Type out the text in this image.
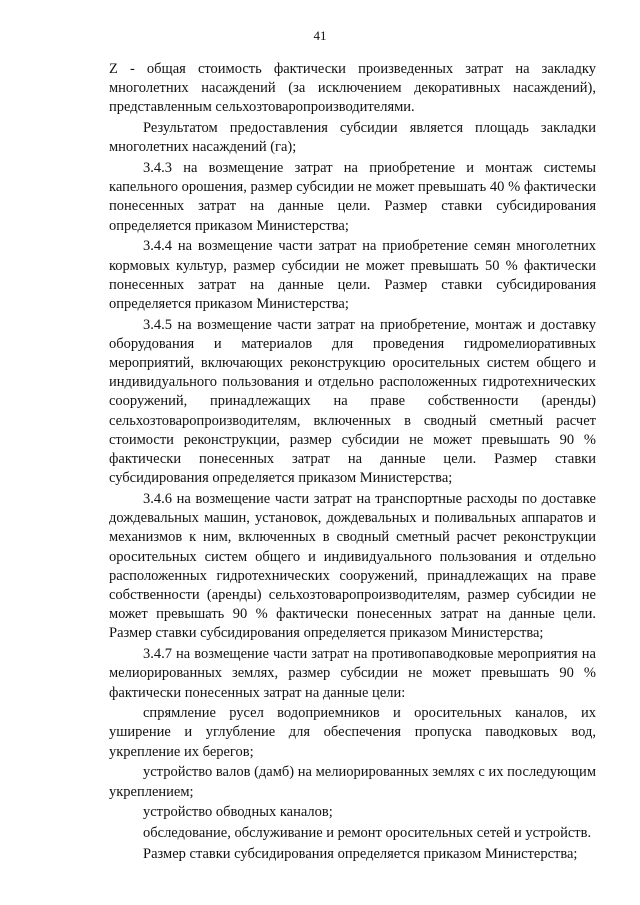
41

Z - общая стоимость фактически произведенных затрат на закладку многолетних насаждений (за исключением декоративных насаждений), представленным сельхозтоваропроизводителями.

Результатом предоставления субсидии является площадь закладки многолетних насаждений (га);

3.4.3 на возмещение затрат на приобретение и монтаж системы капельного орошения, размер субсидии не может превышать 40 % фактически понесенных затрат на данные цели. Размер ставки субсидирования определяется приказом Министерства;

3.4.4 на возмещение части затрат на приобретение семян многолетних кормовых культур, размер субсидии не может превышать 50 % фактически понесенных затрат на данные цели. Размер ставки субсидирования определяется приказом Министерства;

3.4.5 на возмещение части затрат на приобретение, монтаж и доставку оборудования и материалов для проведения гидромелиоративных мероприятий, включающих реконструкцию оросительных систем общего и индивидуального пользования и отдельно расположенных гидротехнических сооружений, принадлежащих на праве собственности (аренды) сельхозтоваропроизводителям, включенных в сводный сметный расчет стоимости реконструкции, размер субсидии не может превышать 90 % фактически понесенных затрат на данные цели. Размер ставки субсидирования определяется приказом Министерства;

3.4.6 на возмещение части затрат на транспортные расходы по доставке дождевальных машин, установок, дождевальных и поливальных аппаратов и механизмов к ним, включенных в сводный сметный расчет реконструкции оросительных систем общего и индивидуального пользования и отдельно расположенных гидротехнических сооружений, принадлежащих на праве собственности (аренды) сельхозтоваропроизводителям, размер субсидии не может превышать 90 % фактически понесенных затрат на данные цели. Размер ставки субсидирования определяется приказом Министерства;

3.4.7 на возмещение части затрат на противопаводковые мероприятия на мелиорированных землях, размер субсидии не может превышать 90 % фактически понесенных затрат на данные цели:

спрямление русел водоприемников и оросительных каналов, их уширение и углубление для обеспечения пропуска паводковых вод, укрепление их берегов;

устройство валов (дамб) на мелиорированных землях с их последующим укреплением;

устройство обводных каналов;

обследование, обслуживание и ремонт оросительных сетей и устройств.

Размер ставки субсидирования определяется приказом Министерства;
